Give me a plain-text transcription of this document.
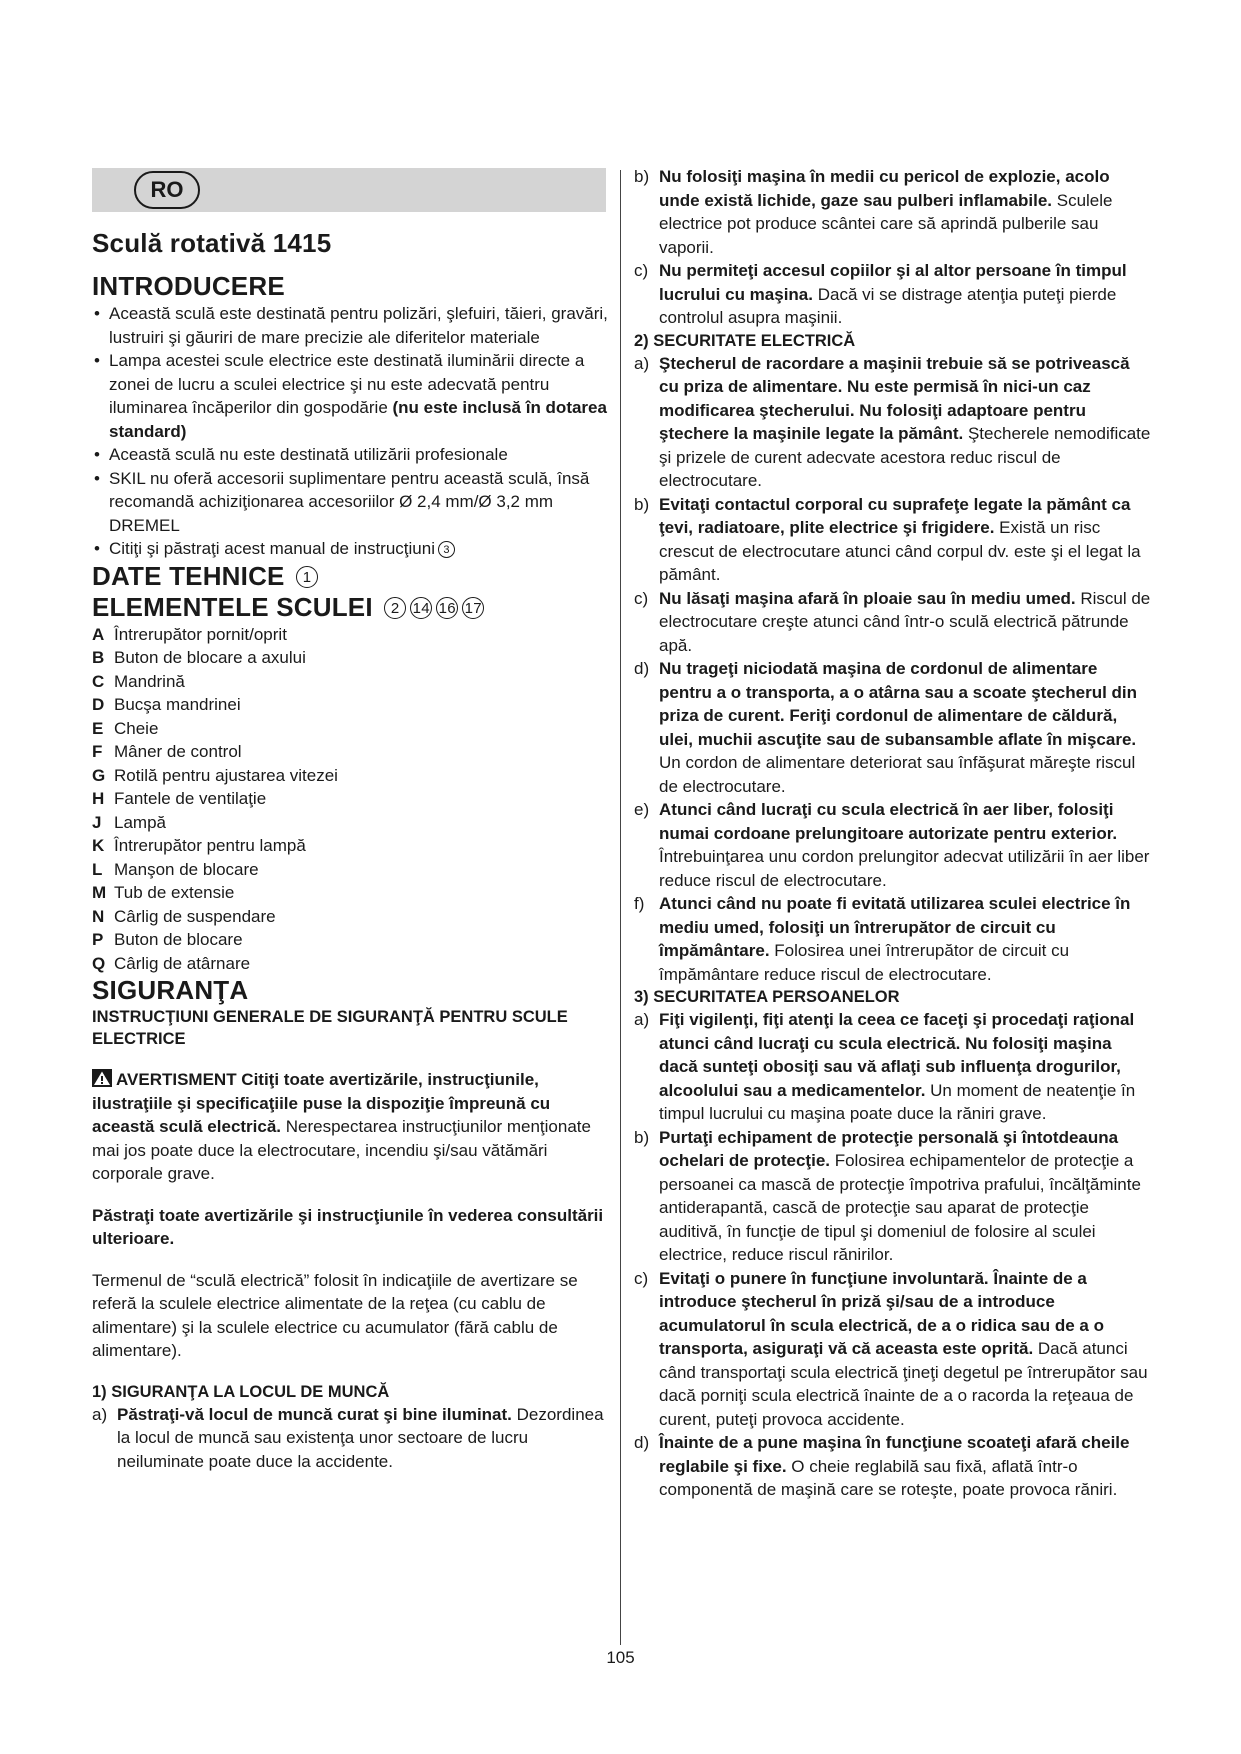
RO
Sculă rotativă 1415
INTRODUCERE
• Această sculă este destinată pentru polizări, şlefuiri, tăieri, gravări, lustruiri şi găuriri de mare precizie ale diferitelor materiale
• Lampa acestei scule electrice este destinată iluminării directe a zonei de lucru a sculei electrice şi nu este adecvată pentru iluminarea încăperilor din gospodărie (nu este inclusă în dotarea standard)
• Această sculă nu este destinată utilizării profesionale
• SKIL nu oferă accesorii suplimentare pentru această sculă, însă recomandă achiziţionarea accesoriilor Ø 2,4 mm/Ø 3,2 mm DREMEL
• Citiţi şi păstraţi acest manual de instrucţiuni 3
DATE TEHNICE 1
ELEMENTELE SCULEI 2 14 16 17
A Întrerupător pornit/oprit
B Buton de blocare a axului
C Mandrină
D Bucşa mandrinei
E Cheie
F Mâner de control
G Rotilă pentru ajustarea vitezei
H Fantele de ventilaţie
J Lampă
K Întrerupător pentru lampă
L Manşon de blocare
M Tub de extensie
N Cârlig de suspendare
P Buton de blocare
Q Cârlig de atârnare
SIGURANŢA
INSTRUCŢIUNI GENERALE DE SIGURANŢĂ PENTRU SCULE ELECTRICE
AVERTISMENT Citiţi toate avertizările, instrucţiunile, ilustraţiile şi specificaţiile puse la dispoziţie împreună cu această sculă electrică. Nerespectarea instrucţiunilor menţionate mai jos poate duce la electrocutare, incendiu şi/sau vătămări corporale grave.
Păstraţi toate avertizările şi instrucţiunile în vederea consultării ulterioare.
Termenul de “sculă electrică” folosit în indicaţiile de avertizare se referă la sculele electrice alimentate de la reţea (cu cablu de alimentare) şi la sculele electrice cu acumulator (fără cablu de alimentare).
1) SIGURANŢA LA LOCUL DE MUNCĂ
a) Păstraţi-vă locul de muncă curat şi bine iluminat. Dezordinea la locul de muncă sau existenţa unor sectoare de lucru neiluminate poate duce la accidente.
b) Nu folosiţi maşina în medii cu pericol de explozie, acolo unde există lichide, gaze sau pulberi inflamabile. Sculele electrice pot produce scântei care să aprindă pulberile sau vaporii.
c) Nu permiteţi accesul copiilor şi al altor persoane în timpul lucrului cu maşina. Dacă vi se distrage atenţia puteţi pierde controlul asupra maşinii.
2) SECURITATE ELECTRICĂ
a) Ştecherul de racordare a maşinii trebuie să se potrivească cu priza de alimentare. Nu este permisă în nici-un caz modificarea ştecherului. Nu folosiţi adaptoare pentru ştechere la maşinile legate la pământ. Ştecherele nemodificate şi prizele de curent adecvate acestora reduc riscul de electrocutare.
b) Evitaţi contactul corporal cu suprafeţe legate la pământ ca ţevi, radiatoare, plite electrice şi frigidere. Există un risc crescut de electrocutare atunci când corpul dv. este şi el legat la pământ.
c) Nu lăsaţi maşina afară în ploaie sau în mediu umed. Riscul de electrocutare creşte atunci când într-o sculă electrică pătrunde apă.
d) Nu trageţi niciodată maşina de cordonul de alimentare pentru a o transporta, a o atârna sau a scoate ştecherul din priza de curent. Feriţi cordonul de alimentare de căldură, ulei, muchii ascuţite sau de subansamble aflate în mişcare. Un cordon de alimentare deteriorat sau înfăşurat măreşte riscul de electrocutare.
e) Atunci când lucraţi cu scula electrică în aer liber, folosiţi numai cordoane prelungitoare autorizate pentru exterior. Întrebuinţarea unu cordon prelungitor adecvat utilizării în aer liber reduce riscul de electrocutare.
f) Atunci când nu poate fi evitată utilizarea sculei electrice în mediu umed, folosiţi un întrerupător de circuit cu împământare. Folosirea unei întrerupător de circuit cu împământare reduce riscul de electrocutare.
3) SECURITATEA PERSOANELOR
a) Fiţi vigilenţi, fiţi atenţi la ceea ce faceţi şi procedaţi raţional atunci când lucraţi cu scula electrică. Nu folosiţi maşina dacă sunteţi obosiţi sau vă aflaţi sub influenţa drogurilor, alcoolului sau a medicamentelor. Un moment de neatenţie în timpul lucrului cu maşina poate duce la răniri grave.
b) Purtaţi echipament de protecţie personală şi întotdeauna ochelari de protecţie. Folosirea echipamentelor de protecţie a persoanei ca mască de protecţie împotriva prafului, încălţăminte antiderapantă, cască de protecţie sau aparat de protecţie auditivă, în funcţie de tipul şi domeniul de folosire al sculei electrice, reduce riscul rănirilor.
c) Evitaţi o punere în funcţiune involuntară. Înainte de a introduce ştecherul în priză şi/sau de a introduce acumulatorul în scula electrică, de a o ridica sau de a o transporta, asiguraţi vă că aceasta este oprită. Dacă atunci când transportaţi scula electrică ţineţi degetul pe întrerupător sau dacă porniţi scula electrică înainte de a o racorda la reţeaua de curent, puteţi provoca accidente.
d) Înainte de a pune maşina în funcţiune scoateţi afară cheile reglabile şi fixe. O cheie reglabilă sau fixă, aflată într-o componentă de maşină care se roteşte, poate provoca răniri.
105
